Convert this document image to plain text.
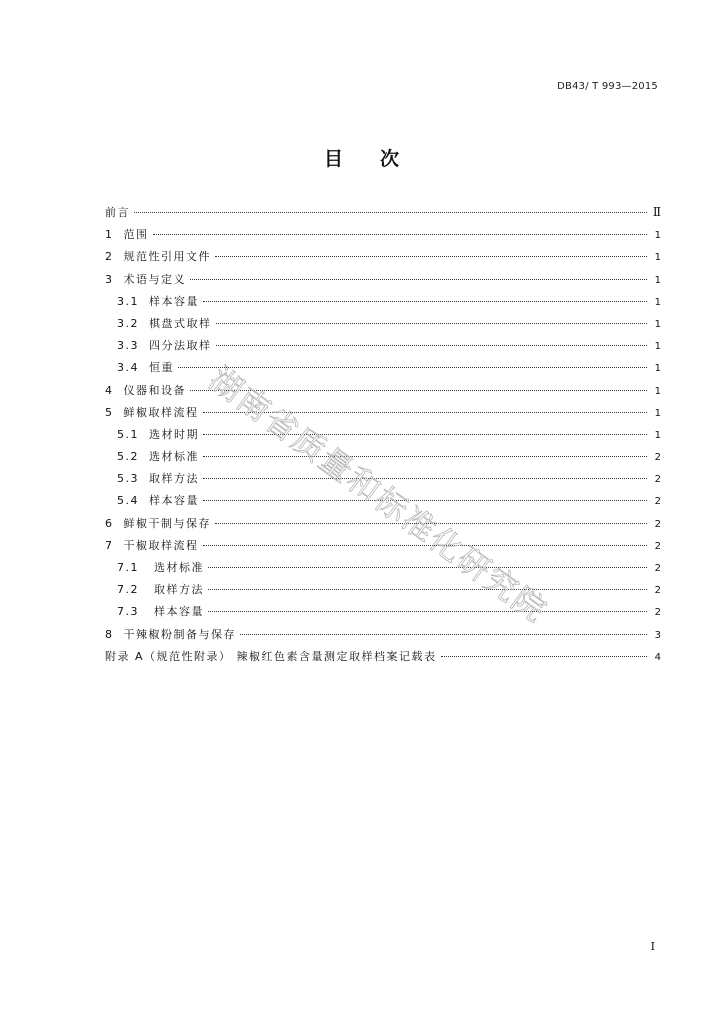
DB43/ T 993—2015
目 次
前言	Ⅱ
1 范围	1
2 规范性引用文件	1
3 术语与定义	1
3.1 样本容量	1
3.2 棋盘式取样	1
3.3 四分法取样	1
3.4 恒重	1
4 仪器和设备	1
5 鲜椒取样流程	1
5.1 选材时期	1
5.2 选材标准	2
5.3 取样方法	2
5.4 样本容量	2
6 鲜椒干制与保存	2
7 干椒取样流程	2
7.1 选材标准	2
7.2 取样方法	2
7.3 样本容量	2
8 干辣椒粉制备与保存	3
附录 A（规范性附录） 辣椒红色素含量测定取样档案记载表	4
湖南省质量和标准化研究院
I
